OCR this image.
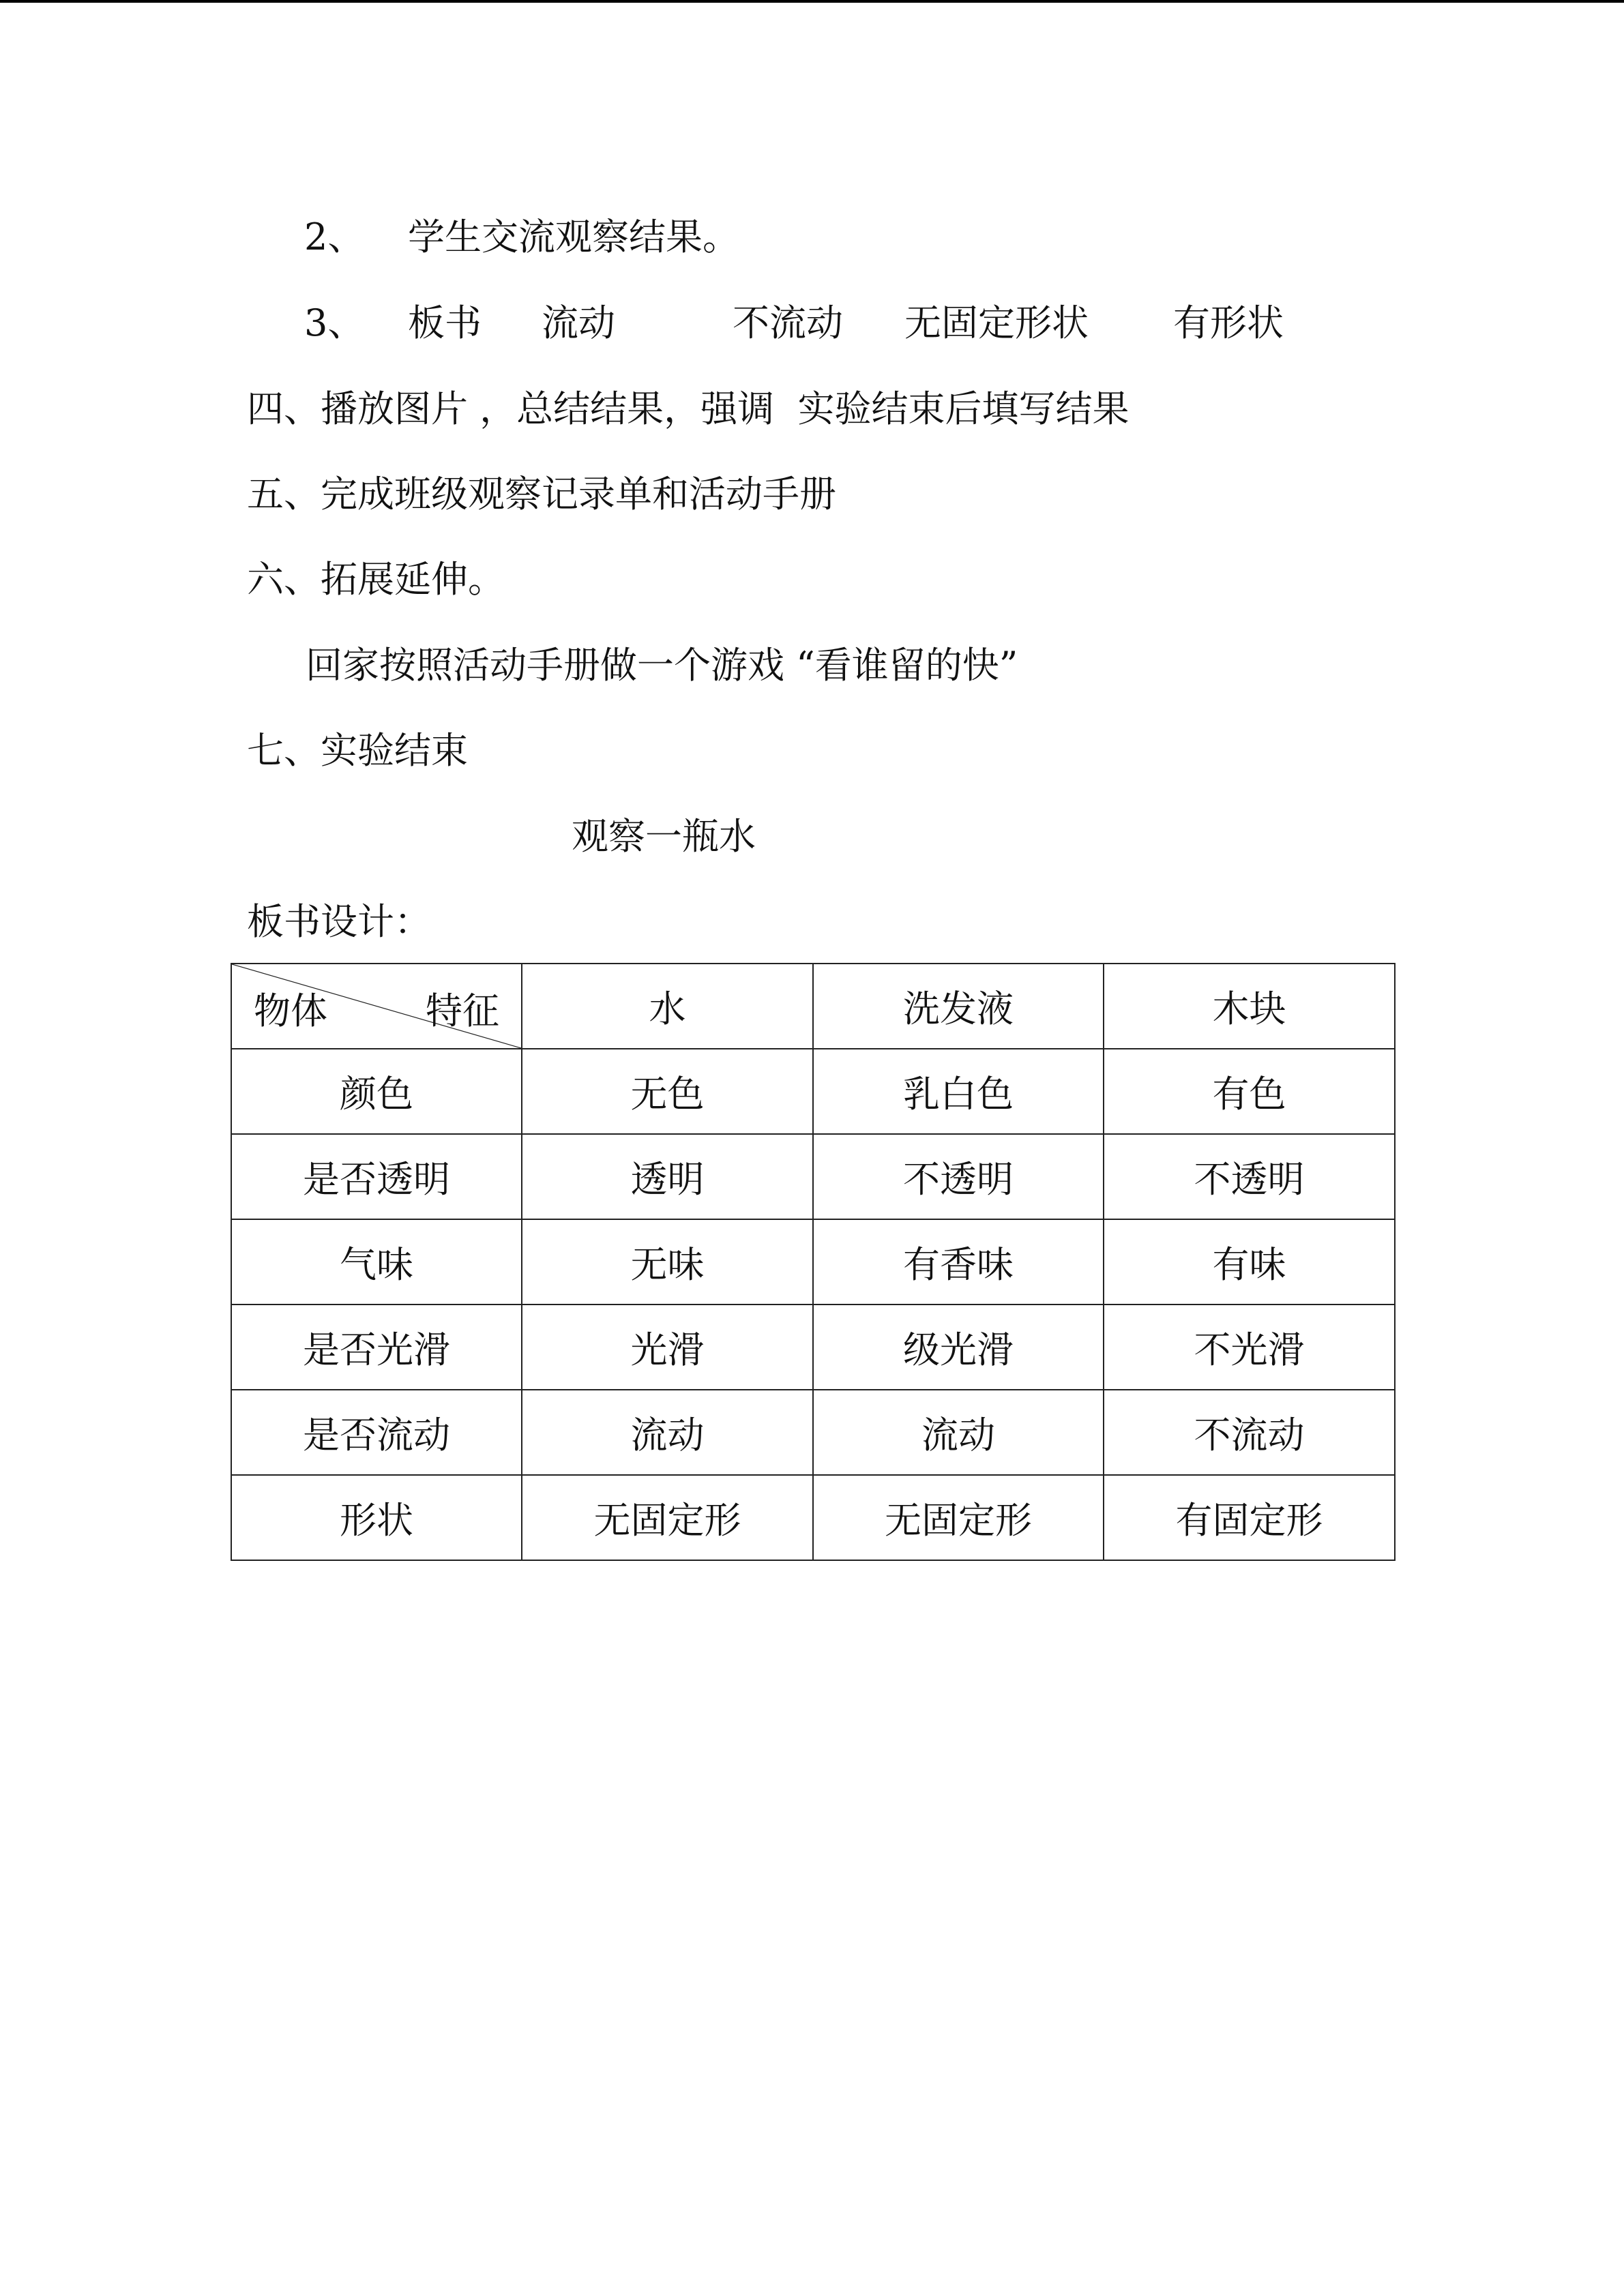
2、 学生交流观察结果。
3、 板书 流动	不流动 无固定形状 有形状
四、播放图片 ，总结结果，强调  实验结束后填写结果
五、完成班级观察记录单和活动手册
六、拓展延伸。
回家按照活动手册做一个游戏 “看谁留的快”
七、实验结束
观察一瓶水
板书设计：
物体 特征	水	洗发液	木块
颜色	无色	乳白色	有色
是否透明	透明	不透明	不透明
气味	无味	有香味	有味
是否光滑	光滑	级光滑	不光滑
是否流动	流动	流动	不流动
形状	无固定形	无固定形	有固定形
